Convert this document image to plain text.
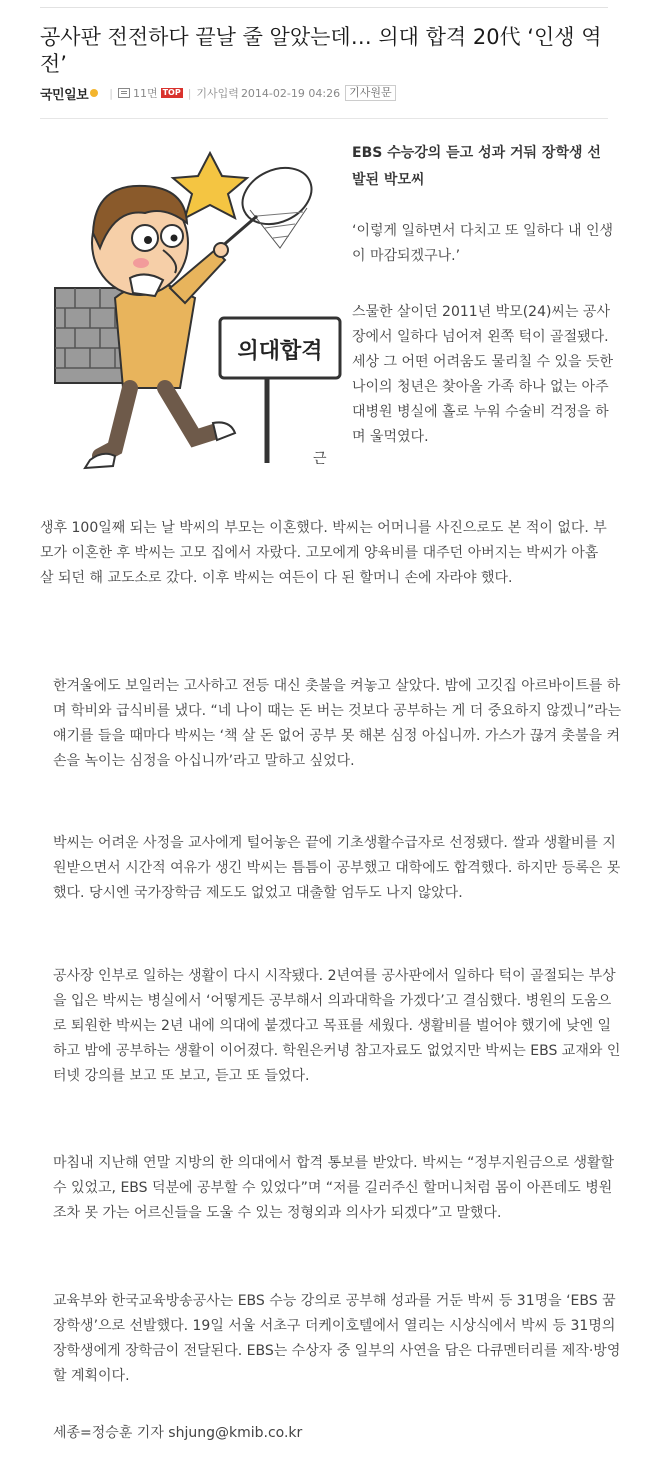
공사판 전전하다 끝날 줄 알았는데… 의대 합격 20代 ‘인생 역전’
국민일보 | 11면 TOP | 기사입력 2014-02-19 04:26 기사원문
의대합격
근

EBS 수능강의 듣고 성과 거둬 장학생 선발된 박모씨

‘이렇게 일하면서 다치고 또 일하다 내 인생이 마감되겠구나.’

스물한 살이던 2011년 박모(24)씨는 공사장에서 일하다 넘어져 왼쪽 턱이 골절됐다. 세상 그 어떤 어려움도 물리칠 수 있을 듯한 나이의 청년은 찾아올 가족 하나 없는 아주대병원 병실에 홀로 누워 수술비 걱정을 하며 울먹였다.

생후 100일째 되는 날 박씨의 부모는 이혼했다. 박씨는 어머니를 사진으로도 본 적이 없다. 부모가 이혼한 후 박씨는 고모 집에서 자랐다. 고모에게 양육비를 대주던 아버지는 박씨가 아홉 살 되던 해 교도소로 갔다. 이후 박씨는 여든이 다 된 할머니 손에 자라야 했다.

한겨울에도 보일러는 고사하고 전등 대신 촛불을 켜놓고 살았다. 밤에 고깃집 아르바이트를 하며 학비와 급식비를 냈다. “네 나이 때는 돈 버는 것보다 공부하는 게 더 중요하지 않겠니”라는 얘기를 들을 때마다 박씨는 ‘책 살 돈 없어 공부 못 해본 심정 아십니까. 가스가 끊겨 촛불을 켜 손을 녹이는 심정을 아십니까’라고 말하고 싶었다.

박씨는 어려운 사정을 교사에게 털어놓은 끝에 기초생활수급자로 선정됐다. 쌀과 생활비를 지원받으면서 시간적 여유가 생긴 박씨는 틈틈이 공부했고 대학에도 합격했다. 하지만 등록은 못했다. 당시엔 국가장학금 제도도 없었고 대출할 엄두도 나지 않았다.

공사장 인부로 일하는 생활이 다시 시작됐다. 2년여를 공사판에서 일하다 턱이 골절되는 부상을 입은 박씨는 병실에서 ‘어떻게든 공부해서 의과대학을 가겠다’고 결심했다. 병원의 도움으로 퇴원한 박씨는 2년 내에 의대에 붙겠다고 목표를 세웠다. 생활비를 벌어야 했기에 낮엔 일하고 밤에 공부하는 생활이 이어졌다. 학원은커녕 참고자료도 없었지만 박씨는 EBS 교재와 인터넷 강의를 보고 또 보고, 듣고 또 들었다.

마침내 지난해 연말 지방의 한 의대에서 합격 통보를 받았다. 박씨는 “정부지원금으로 생활할 수 있었고, EBS 덕분에 공부할 수 있었다”며 “저를 길러주신 할머니처럼 몸이 아픈데도 병원조차 못 가는 어르신들을 도울 수 있는 정형외과 의사가 되겠다”고 말했다.

교육부와 한국교육방송공사는 EBS 수능 강의로 공부해 성과를 거둔 박씨 등 31명을 ‘EBS 꿈 장학생’으로 선발했다. 19일 서울 서초구 더케이호텔에서 열리는 시상식에서 박씨 등 31명의 장학생에게 장학금이 전달된다. EBS는 수상자 중 일부의 사연을 담은 다큐멘터리를 제작·방영할 계획이다.

세종=정승훈 기자 shjung@kmib.co.kr
